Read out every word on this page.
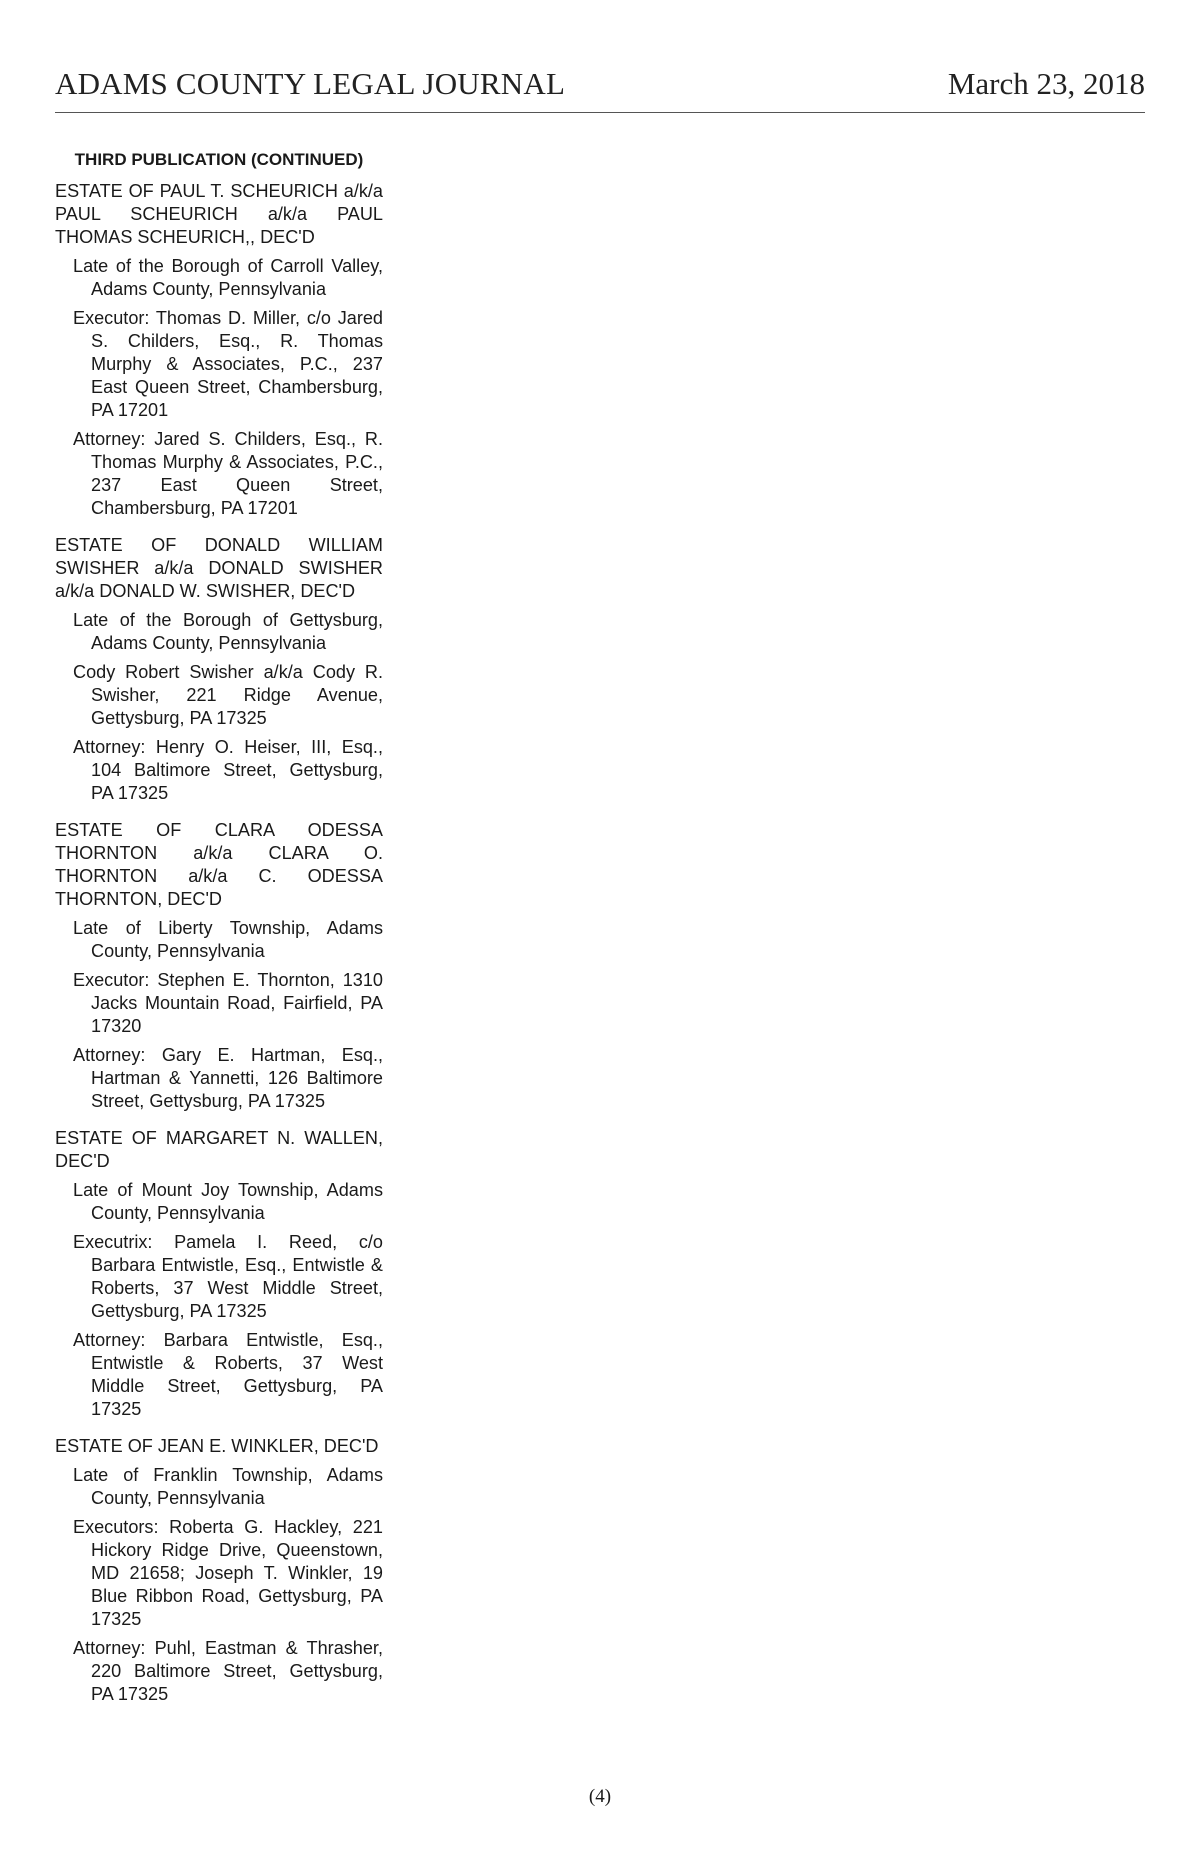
ADAMS COUNTY LEGAL JOURNAL	March 23, 2018
THIRD PUBLICATION (CONTINUED)
ESTATE OF PAUL T. SCHEURICH a/k/a PAUL SCHEURICH a/k/a PAUL THOMAS SCHEURICH,, DEC'D
Late of the Borough of Carroll Valley, Adams County, Pennsylvania
Executor: Thomas D. Miller, c/o Jared S. Childers, Esq., R. Thomas Murphy & Associates, P.C., 237 East Queen Street, Chambersburg, PA 17201
Attorney: Jared S. Childers, Esq., R. Thomas Murphy & Associates, P.C., 237 East Queen Street, Chambersburg, PA 17201
ESTATE OF DONALD WILLIAM SWISHER a/k/a DONALD SWISHER a/k/a DONALD W. SWISHER, DEC'D
Late of the Borough of Gettysburg, Adams County, Pennsylvania
Cody Robert Swisher a/k/a Cody R. Swisher, 221 Ridge Avenue, Gettysburg, PA 17325
Attorney: Henry O. Heiser, III, Esq., 104 Baltimore Street, Gettysburg, PA 17325
ESTATE OF CLARA ODESSA THORNTON a/k/a CLARA O. THORNTON a/k/a C. ODESSA THORNTON, DEC'D
Late of Liberty Township, Adams County, Pennsylvania
Executor: Stephen E. Thornton, 1310 Jacks Mountain Road, Fairfield, PA 17320
Attorney: Gary E. Hartman, Esq., Hartman & Yannetti, 126 Baltimore Street, Gettysburg, PA 17325
ESTATE OF MARGARET N. WALLEN, DEC'D
Late of Mount Joy Township, Adams County, Pennsylvania
Executrix: Pamela I. Reed, c/o Barbara Entwistle, Esq., Entwistle & Roberts, 37 West Middle Street, Gettysburg, PA 17325
Attorney: Barbara Entwistle, Esq., Entwistle & Roberts, 37 West Middle Street, Gettysburg, PA 17325
ESTATE OF JEAN E. WINKLER, DEC'D
Late of Franklin Township, Adams County, Pennsylvania
Executors: Roberta G. Hackley, 221 Hickory Ridge Drive, Queenstown, MD 21658; Joseph T. Winkler, 19 Blue Ribbon Road, Gettysburg, PA 17325
Attorney: Puhl, Eastman & Thrasher, 220 Baltimore Street, Gettysburg, PA 17325
(4)
